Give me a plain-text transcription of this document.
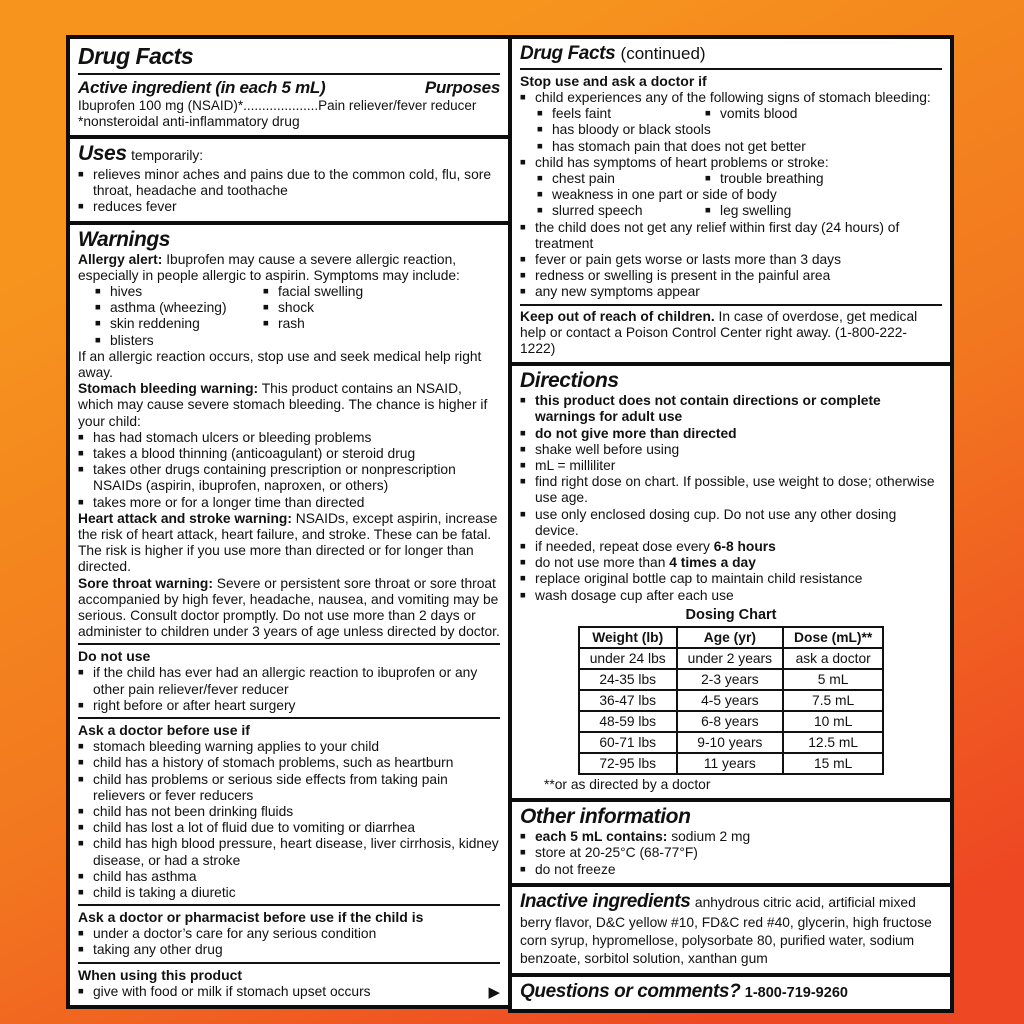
Drug Facts
Active ingredient (in each 5 mL)	Purposes
Ibuprofen 100 mg (NSAID)*....................Pain reliever/fever reducer
*nonsteroidal anti-inflammatory drug
Uses temporarily:
■ relieves minor aches and pains due to the common cold, flu, sore throat, headache and toothache
■ reduces fever
Warnings
Allergy alert: Ibuprofen may cause a severe allergic reaction, especially in people allergic to aspirin. Symptoms may include:
■ hives	■ facial swelling
■ asthma (wheezing)	■ shock
■ skin reddening	■ rash
■ blisters
If an allergic reaction occurs, stop use and seek medical help right away.
Stomach bleeding warning: This product contains an NSAID, which may cause severe stomach bleeding. The chance is higher if your child:
■ has had stomach ulcers or bleeding problems
■ takes a blood thinning (anticoagulant) or steroid drug
■ takes other drugs containing prescription or nonprescription NSAIDs (aspirin, ibuprofen, naproxen, or others)
■ takes more or for a longer time than directed
Heart attack and stroke warning: NSAIDs, except aspirin, increase the risk of heart attack, heart failure, and stroke. These can be fatal. The risk is higher if you use more than directed or for longer than directed.
Sore throat warning: Severe or persistent sore throat or sore throat accompanied by high fever, headache, nausea, and vomiting may be serious. Consult doctor promptly. Do not use more than 2 days or administer to children under 3 years of age unless directed by doctor.
Do not use
■ if the child has ever had an allergic reaction to ibuprofen or any other pain reliever/fever reducer
■ right before or after heart surgery
Ask a doctor before use if
■ stomach bleeding warning applies to your child
■ child has a history of stomach problems, such as heartburn
■ child has problems or serious side effects from taking pain relievers or fever reducers
■ child has not been drinking fluids
■ child has lost a lot of fluid due to vomiting or diarrhea
■ child has high blood pressure, heart disease, liver cirrhosis, kidney disease, or had a stroke
■ child has asthma
■ child is taking a diuretic
Ask a doctor or pharmacist before use if the child is
■ under a doctor’s care for any serious condition
■ taking any other drug
When using this product
■ give with food or milk if stomach upset occurs	▶
Drug Facts (continued)
Stop use and ask a doctor if
■ child experiences any of the following signs of stomach bleeding:
■ feels faint	■ vomits blood
■ has bloody or black stools
■ has stomach pain that does not get better
■ child has symptoms of heart problems or stroke:
■ chest pain	■ trouble breathing
■ weakness in one part or side of body
■ slurred speech	■ leg swelling
■ the child does not get any relief within first day (24 hours) of treatment
■ fever or pain gets worse or lasts more than 3 days
■ redness or swelling is present in the painful area
■ any new symptoms appear
Keep out of reach of children. In case of overdose, get medical help or contact a Poison Control Center right away. (1-800-222-1222)
Directions
■ this product does not contain directions or complete warnings for adult use
■ do not give more than directed
■ shake well before using
■ mL = milliliter
■ find right dose on chart. If possible, use weight to dose; otherwise use age.
■ use only enclosed dosing cup. Do not use any other dosing device.
■ if needed, repeat dose every 6-8 hours
■ do not use more than 4 times a day
■ replace original bottle cap to maintain child resistance
■ wash dosage cup after each use
Dosing Chart
Weight (lb)	Age (yr)	Dose (mL)**
under 24 lbs	under 2 years	ask a doctor
24-35 lbs	2-3 years	5 mL
36-47 lbs	4-5 years	7.5 mL
48-59 lbs	6-8 years	10 mL
60-71 lbs	9-10 years	12.5 mL
72-95 lbs	11 years	15 mL
**or as directed by a doctor
Other information
■ each 5 mL contains: sodium 2 mg
■ store at 20-25°C (68-77°F)
■ do not freeze
Inactive ingredients anhydrous citric acid, artificial mixed berry flavor, D&C yellow #10, FD&C red #40, glycerin, high fructose corn syrup, hypromellose, polysorbate 80, purified water, sodium benzoate, sorbitol solution, xanthan gum
Questions or comments? 1-800-719-9260
